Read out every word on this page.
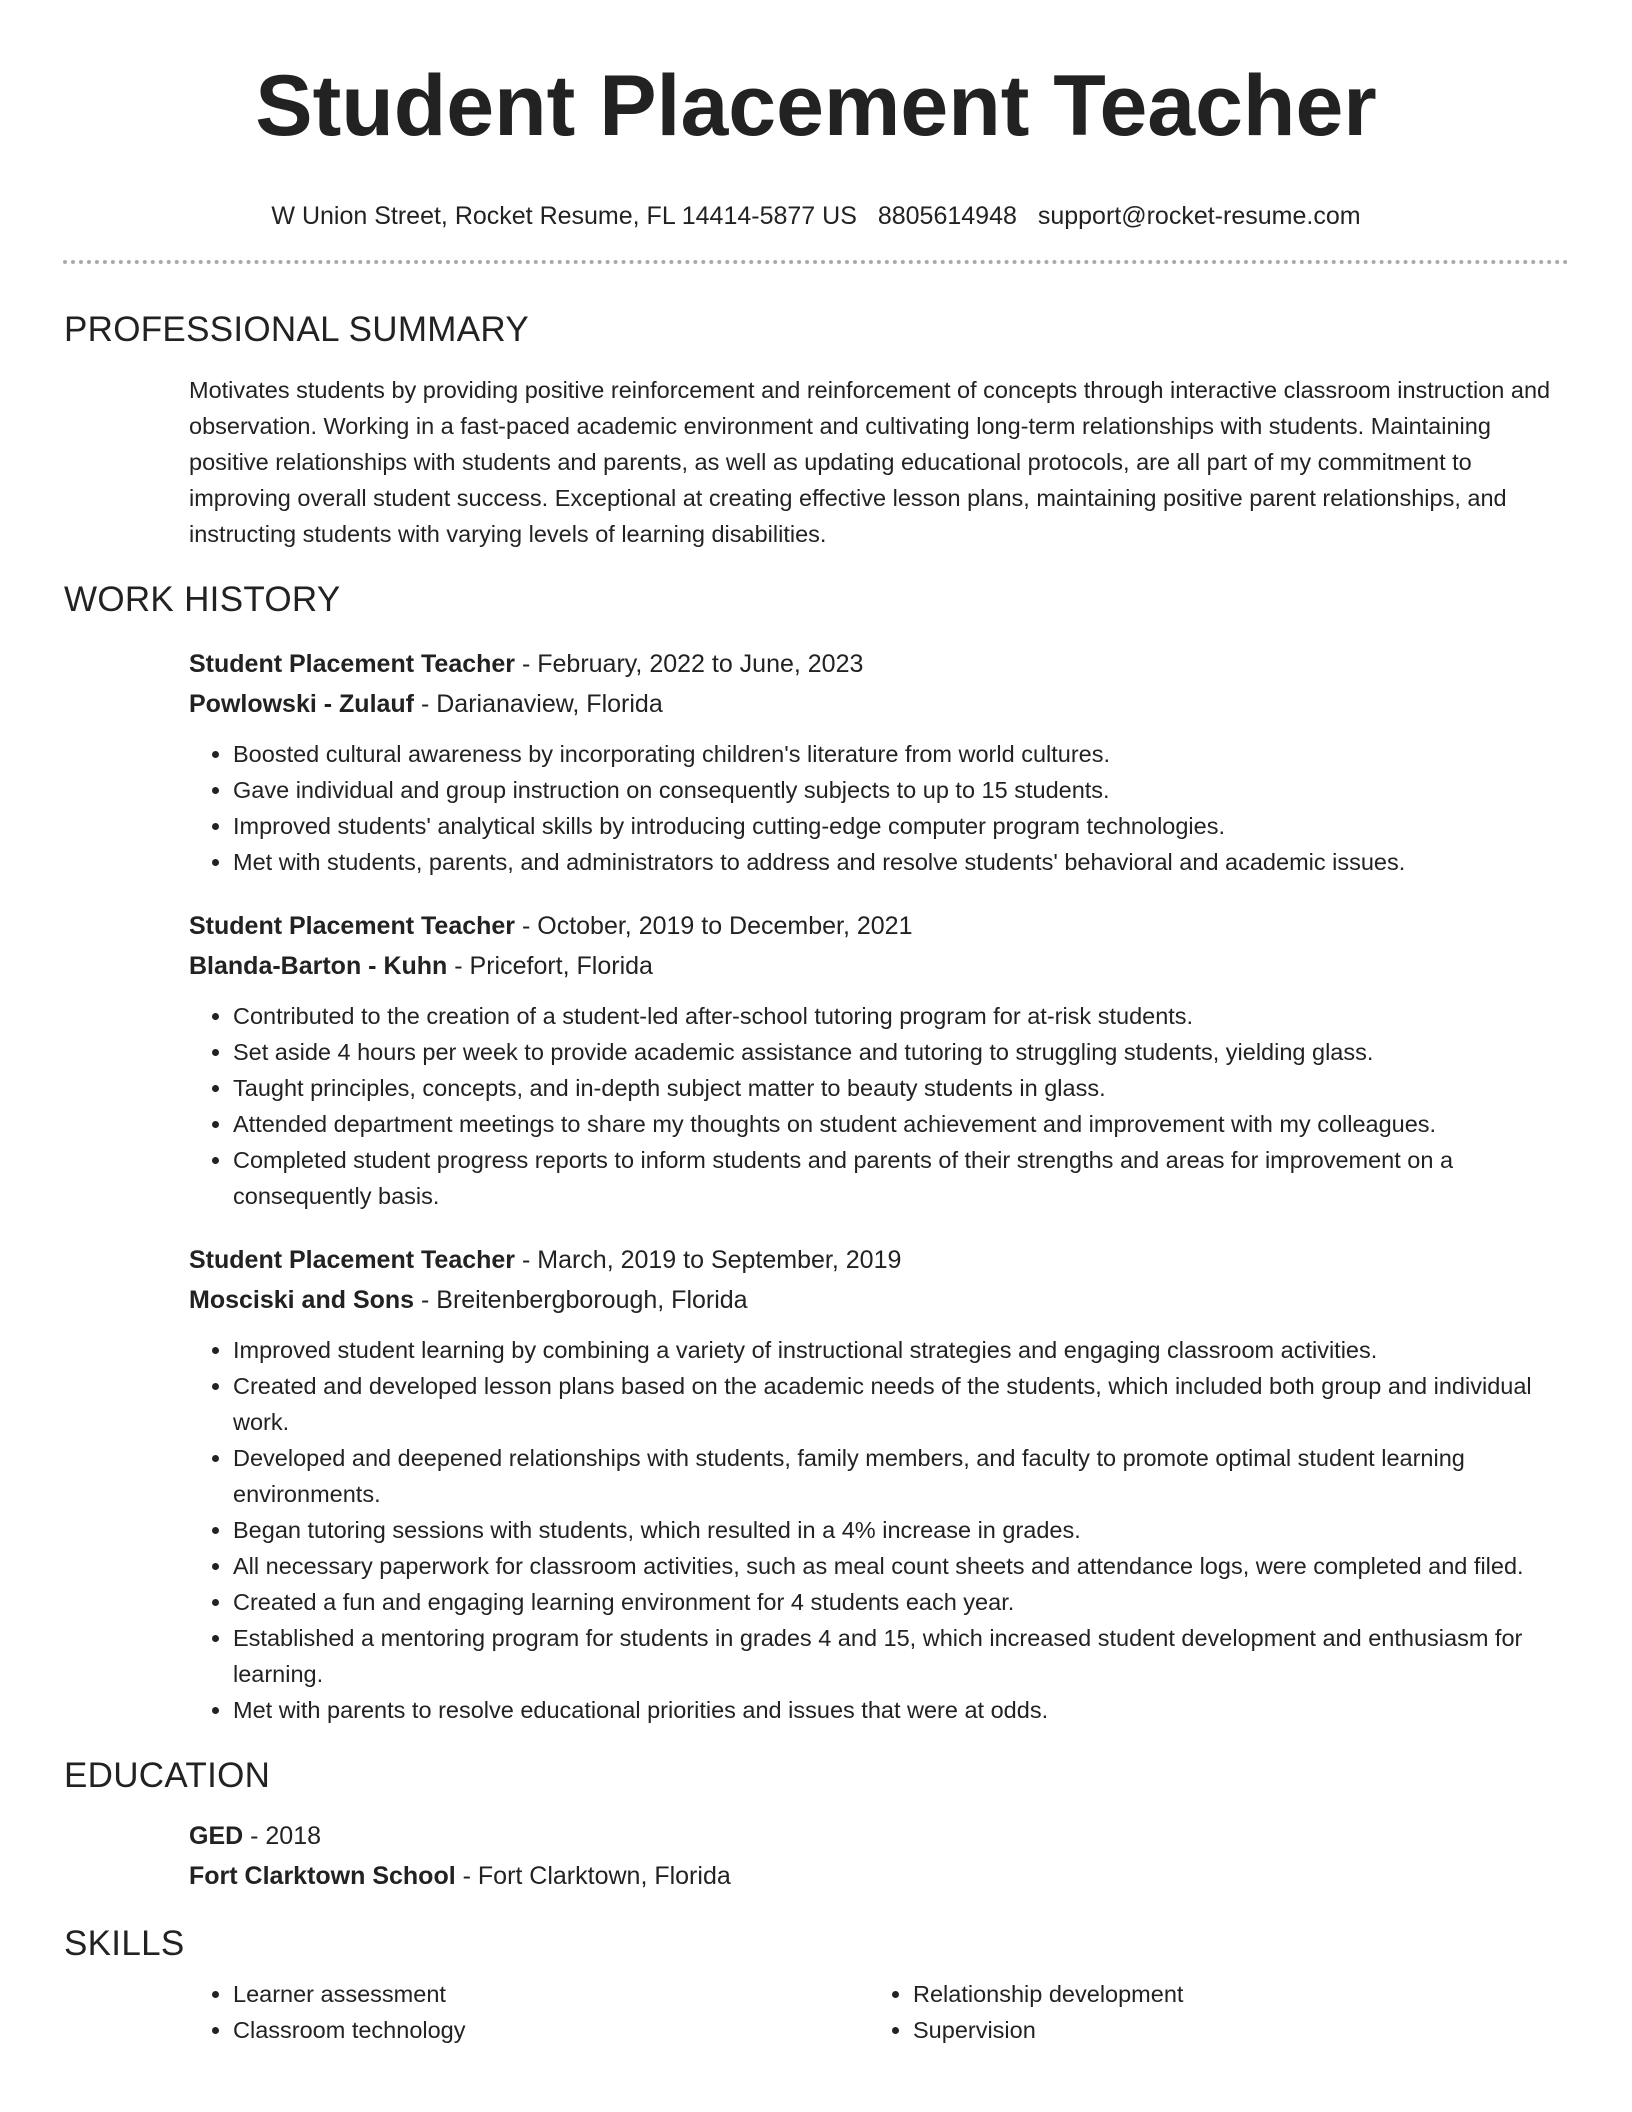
Student Placement Teacher
W Union Street, Rocket Resume, FL 14414-5877 US 8805614948 support@rocket-resume.com
PROFESSIONAL SUMMARY
Motivates students by providing positive reinforcement and reinforcement of concepts through interactive classroom instruction and observation. Working in a fast-paced academic environment and cultivating long-term relationships with students. Maintaining positive relationships with students and parents, as well as updating educational protocols, are all part of my commitment to improving overall student success. Exceptional at creating effective lesson plans, maintaining positive parent relationships, and instructing students with varying levels of learning disabilities.
WORK HISTORY
Student Placement Teacher - February, 2022 to June, 2023
Powlowski - Zulauf - Darianaview, Florida
• Boosted cultural awareness by incorporating children's literature from world cultures.
• Gave individual and group instruction on consequently subjects to up to 15 students.
• Improved students' analytical skills by introducing cutting-edge computer program technologies.
• Met with students, parents, and administrators to address and resolve students' behavioral and academic issues.
Student Placement Teacher - October, 2019 to December, 2021
Blanda-Barton - Kuhn - Pricefort, Florida
• Contributed to the creation of a student-led after-school tutoring program for at-risk students.
• Set aside 4 hours per week to provide academic assistance and tutoring to struggling students, yielding glass.
• Taught principles, concepts, and in-depth subject matter to beauty students in glass.
• Attended department meetings to share my thoughts on student achievement and improvement with my colleagues.
• Completed student progress reports to inform students and parents of their strengths and areas for improvement on a consequently basis.
Student Placement Teacher - March, 2019 to September, 2019
Mosciski and Sons - Breitenbergborough, Florida
• Improved student learning by combining a variety of instructional strategies and engaging classroom activities.
• Created and developed lesson plans based on the academic needs of the students, which included both group and individual work.
• Developed and deepened relationships with students, family members, and faculty to promote optimal student learning environments.
• Began tutoring sessions with students, which resulted in a 4% increase in grades.
• All necessary paperwork for classroom activities, such as meal count sheets and attendance logs, were completed and filed.
• Created a fun and engaging learning environment for 4 students each year.
• Established a mentoring program for students in grades 4 and 15, which increased student development and enthusiasm for learning.
• Met with parents to resolve educational priorities and issues that were at odds.
EDUCATION
GED - 2018
Fort Clarktown School - Fort Clarktown, Florida
SKILLS
• Learner assessment
• Classroom technology
• Relationship development
• Supervision
